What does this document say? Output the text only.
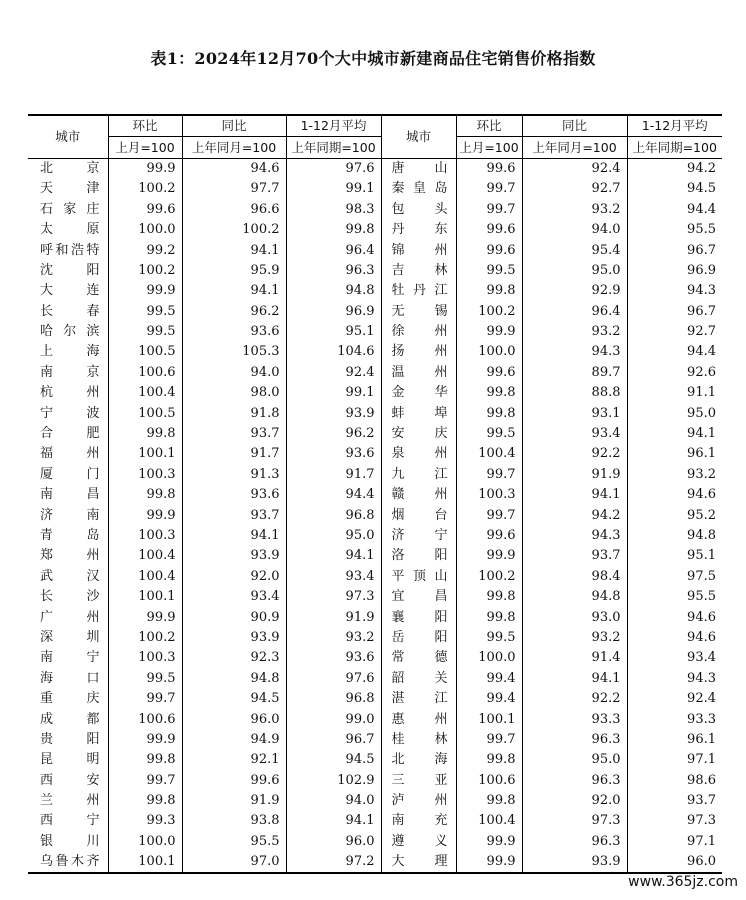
表1：2024年12月70个大中城市新建商品住宅销售价格指数
城市	环比	同比	1-12月平均	城市	环比	同比	1-12月平均
	上月=100	上年同月=100	上年同期=100		上月=100	上年同月=100	上年同期=100

北 京	99.9	94.6	97.6	唐 山	99.6	92.4	94.2

天 津	100.2	97.7	99.1	秦 皇 岛	99.7	92.7	94.5

石 家 庄	99.6	96.6	98.3	包 头	99.7	93.2	94.4

太 原	100.0	100.2	99.8	丹 东	99.6	94.0	95.5

呼 和 浩 特	99.2	94.1	96.4	锦 州	99.6	95.4	96.7

沈 阳	100.2	95.9	96.3	吉 林	99.5	95.0	96.9

大 连	99.9	94.1	94.8	牡 丹 江	99.8	92.9	94.3

长 春	99.5	96.2	96.9	无 锡	100.2	96.4	96.7

哈 尔 滨	99.5	93.6	95.1	徐 州	99.9	93.2	92.7

上 海	100.5	105.3	104.6	扬 州	100.0	94.3	94.4

南 京	100.6	94.0	92.4	温 州	99.6	89.7	92.6

杭 州	100.4	98.0	99.1	金 华	99.8	88.8	91.1

宁 波	100.5	91.8	93.9	蚌 埠	99.8	93.1	95.0

合 肥	99.8	93.7	96.2	安 庆	99.5	93.4	94.1

福 州	100.1	91.7	93.6	泉 州	100.4	92.2	96.1

厦 门	100.3	91.3	91.7	九 江	99.7	91.9	93.2

南 昌	99.8	93.6	94.4	赣 州	100.3	94.1	94.6

济 南	99.9	93.7	96.8	烟 台	99.7	94.2	95.2

青 岛	100.3	94.1	95.0	济 宁	99.6	94.3	94.8

郑 州	100.4	93.9	94.1	洛 阳	99.9	93.7	95.1

武 汉	100.4	92.0	93.4	平 顶 山	100.2	98.4	97.5

长 沙	100.1	93.4	97.3	宜 昌	99.8	94.8	95.5

广 州	99.9	90.9	91.9	襄 阳	99.8	93.0	94.6

深 圳	100.2	93.9	93.2	岳 阳	99.5	93.2	94.6

南 宁	100.3	92.3	93.6	常 德	100.0	91.4	93.4

海 口	99.5	94.8	97.6	韶 关	99.4	94.1	94.3

重 庆	99.7	94.5	96.8	湛 江	99.4	92.2	92.4

成 都	100.6	96.0	99.0	惠 州	100.1	93.3	93.3

贵 阳	99.9	94.9	96.7	桂 林	99.7	96.3	96.1

昆 明	99.8	92.1	94.5	北 海	99.8	95.0	97.1

西 安	99.7	99.6	102.9	三 亚	100.6	96.3	98.6

兰 州	99.8	91.9	94.0	泸 州	99.8	92.0	93.7

西 宁	99.3	93.8	94.1	南 充	100.4	97.3	97.3

银 川	100.0	95.5	96.0	遵 义	99.9	96.3	97.1

乌 鲁 木 齐	100.1	97.0	97.2	大 理	99.9	93.9	96.0
www.365jz.com
